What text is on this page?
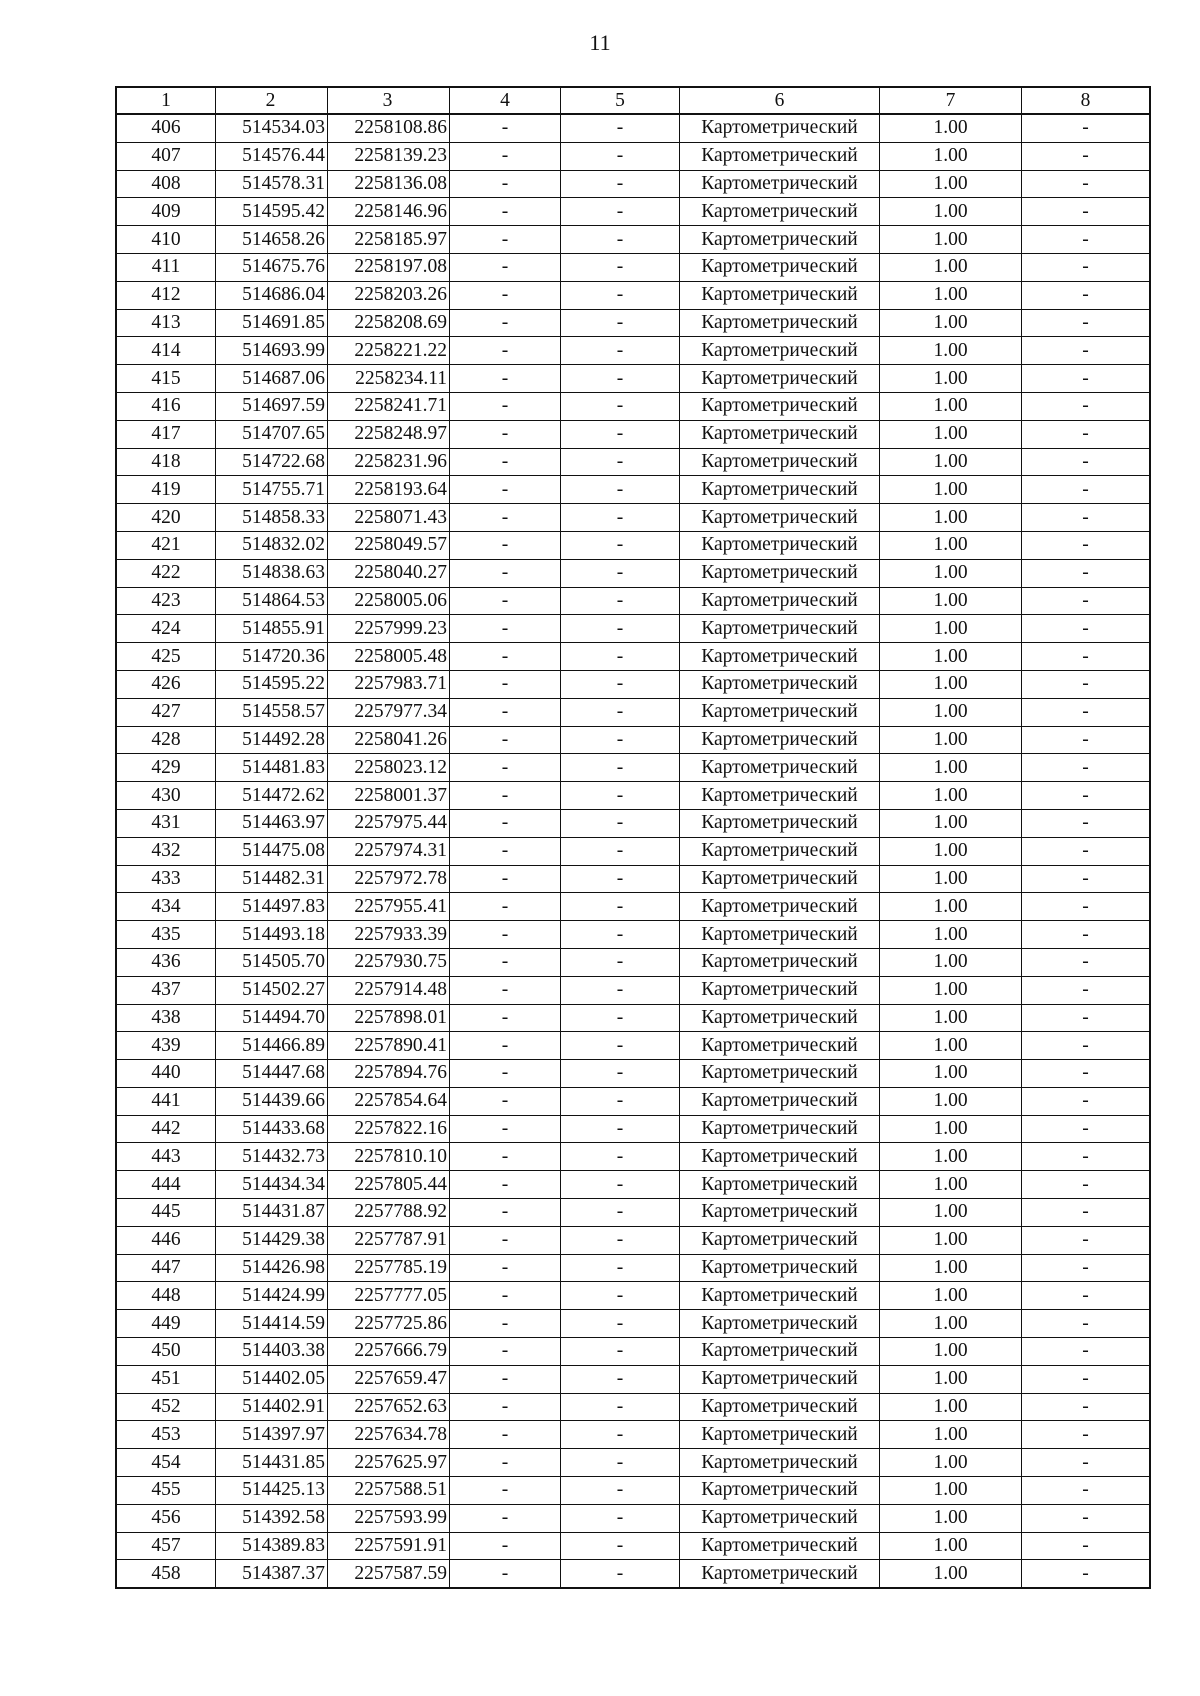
11
1	2	3	4	5	6	7	8
406	514534.03	2258108.86	-	-	Картометрический	1.00	-
407	514576.44	2258139.23	-	-	Картометрический	1.00	-
408	514578.31	2258136.08	-	-	Картометрический	1.00	-
409	514595.42	2258146.96	-	-	Картометрический	1.00	-
410	514658.26	2258185.97	-	-	Картометрический	1.00	-
411	514675.76	2258197.08	-	-	Картометрический	1.00	-
412	514686.04	2258203.26	-	-	Картометрический	1.00	-
413	514691.85	2258208.69	-	-	Картометрический	1.00	-
414	514693.99	2258221.22	-	-	Картометрический	1.00	-
415	514687.06	2258234.11	-	-	Картометрический	1.00	-
416	514697.59	2258241.71	-	-	Картометрический	1.00	-
417	514707.65	2258248.97	-	-	Картометрический	1.00	-
418	514722.68	2258231.96	-	-	Картометрический	1.00	-
419	514755.71	2258193.64	-	-	Картометрический	1.00	-
420	514858.33	2258071.43	-	-	Картометрический	1.00	-
421	514832.02	2258049.57	-	-	Картометрический	1.00	-
422	514838.63	2258040.27	-	-	Картометрический	1.00	-
423	514864.53	2258005.06	-	-	Картометрический	1.00	-
424	514855.91	2257999.23	-	-	Картометрический	1.00	-
425	514720.36	2258005.48	-	-	Картометрический	1.00	-
426	514595.22	2257983.71	-	-	Картометрический	1.00	-
427	514558.57	2257977.34	-	-	Картометрический	1.00	-
428	514492.28	2258041.26	-	-	Картометрический	1.00	-
429	514481.83	2258023.12	-	-	Картометрический	1.00	-
430	514472.62	2258001.37	-	-	Картометрический	1.00	-
431	514463.97	2257975.44	-	-	Картометрический	1.00	-
432	514475.08	2257974.31	-	-	Картометрический	1.00	-
433	514482.31	2257972.78	-	-	Картометрический	1.00	-
434	514497.83	2257955.41	-	-	Картометрический	1.00	-
435	514493.18	2257933.39	-	-	Картометрический	1.00	-
436	514505.70	2257930.75	-	-	Картометрический	1.00	-
437	514502.27	2257914.48	-	-	Картометрический	1.00	-
438	514494.70	2257898.01	-	-	Картометрический	1.00	-
439	514466.89	2257890.41	-	-	Картометрический	1.00	-
440	514447.68	2257894.76	-	-	Картометрический	1.00	-
441	514439.66	2257854.64	-	-	Картометрический	1.00	-
442	514433.68	2257822.16	-	-	Картометрический	1.00	-
443	514432.73	2257810.10	-	-	Картометрический	1.00	-
444	514434.34	2257805.44	-	-	Картометрический	1.00	-
445	514431.87	2257788.92	-	-	Картометрический	1.00	-
446	514429.38	2257787.91	-	-	Картометрический	1.00	-
447	514426.98	2257785.19	-	-	Картометрический	1.00	-
448	514424.99	2257777.05	-	-	Картометрический	1.00	-
449	514414.59	2257725.86	-	-	Картометрический	1.00	-
450	514403.38	2257666.79	-	-	Картометрический	1.00	-
451	514402.05	2257659.47	-	-	Картометрический	1.00	-
452	514402.91	2257652.63	-	-	Картометрический	1.00	-
453	514397.97	2257634.78	-	-	Картометрический	1.00	-
454	514431.85	2257625.97	-	-	Картометрический	1.00	-
455	514425.13	2257588.51	-	-	Картометрический	1.00	-
456	514392.58	2257593.99	-	-	Картометрический	1.00	-
457	514389.83	2257591.91	-	-	Картометрический	1.00	-
458	514387.37	2257587.59	-	-	Картометрический	1.00	-
